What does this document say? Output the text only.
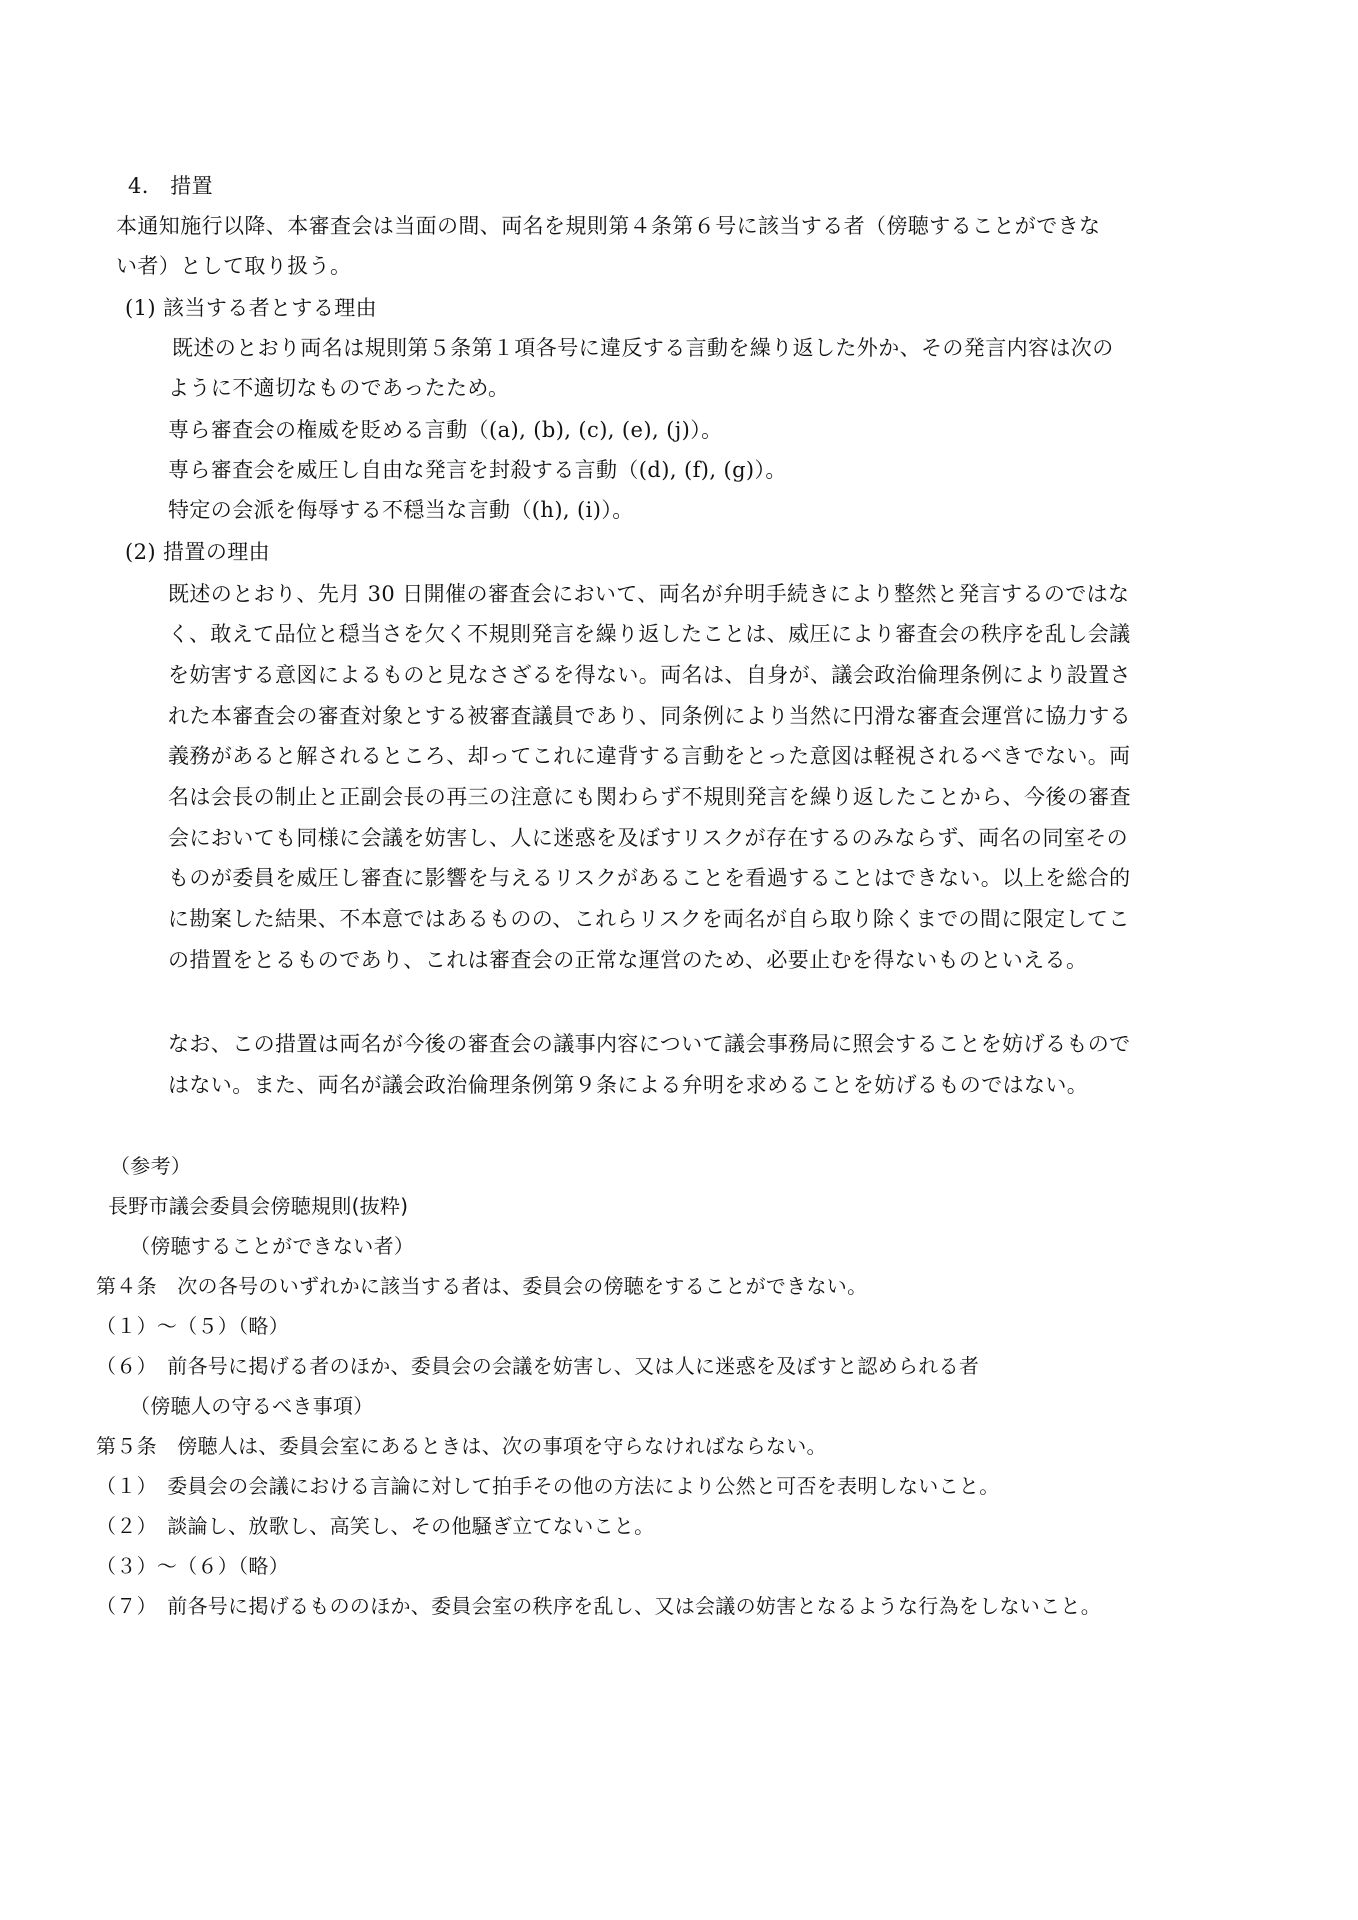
4.　措置
本通知施行以降、本審査会は当面の間、両名を規則第４条第６号に該当する者（傍聴することができな
い者）として取り扱う。
(1) 該当する者とする理由
既述のとおり両名は規則第５条第１項各号に違反する言動を繰り返した外か、その発言内容は次の
ように不適切なものであったため。
専ら審査会の権威を貶める言動（(a), (b), (c), (e), (j)）。
専ら審査会を威圧し自由な発言を封殺する言動（(d), (f), (g)）。
特定の会派を侮辱する不穏当な言動（(h), (i)）。
(2) 措置の理由
既述のとおり、先月 30 日開催の審査会において、両名が弁明手続きにより整然と発言するのではな
く、敢えて品位と穏当さを欠く不規則発言を繰り返したことは、威圧により審査会の秩序を乱し会議
を妨害する意図によるものと見なさざるを得ない。両名は、自身が、議会政治倫理条例により設置さ
れた本審査会の審査対象とする被審査議員であり、同条例により当然に円滑な審査会運営に協力する
義務があると解されるところ、却ってこれに違背する言動をとった意図は軽視されるべきでない。両
名は会長の制止と正副会長の再三の注意にも関わらず不規則発言を繰り返したことから、今後の審査
会においても同様に会議を妨害し、人に迷惑を及ぼすリスクが存在するのみならず、両名の同室その
ものが委員を威圧し審査に影響を与えるリスクがあることを看過することはできない。以上を総合的
に勘案した結果、不本意ではあるものの、これらリスクを両名が自ら取り除くまでの間に限定してこ
の措置をとるものであり、これは審査会の正常な運営のため、必要止むを得ないものといえる。
なお、この措置は両名が今後の審査会の議事内容について議会事務局に照会することを妨げるもので
はない。また、両名が議会政治倫理条例第９条による弁明を求めることを妨げるものではない。
（参考）
長野市議会委員会傍聴規則(抜粋)
（傍聴することができない者）
第４条　次の各号のいずれかに該当する者は、委員会の傍聴をすることができない。
（１）～（５）（略）
（６）　前各号に掲げる者のほか、委員会の会議を妨害し、又は人に迷惑を及ぼすと認められる者
（傍聴人の守るべき事項）
第５条　傍聴人は、委員会室にあるときは、次の事項を守らなければならない。
（１）　委員会の会議における言論に対して拍手その他の方法により公然と可否を表明しないこと。
（２）　談論し、放歌し、高笑し、その他騒ぎ立てないこと。
（３）～（６）（略）
（７）　前各号に掲げるもののほか、委員会室の秩序を乱し、又は会議の妨害となるような行為をしないこと。
